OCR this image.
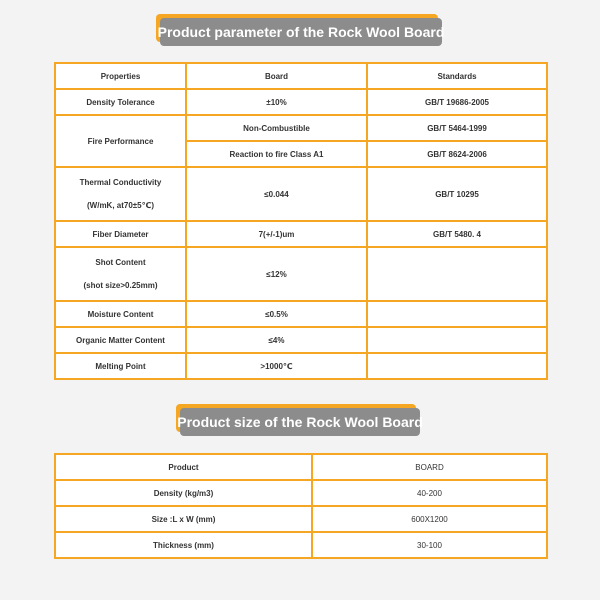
Product parameter of the Rock Wool Board
Properties	Board	Standards
Density Tolerance	±10%	GB/T 19686-2005
Fire Performance	Non-Combustible	GB/T 5464-1999
	Reaction to fire Class A1	GB/T 8624-2006
Thermal Conductivity
(W/mK, at70±5℃)	≤0.044	GB/T 10295
Fiber Diameter	7(+/-1)um	GB/T 5480. 4
Shot Content
(shot size>0.25mm)	≤12%	
Moisture Content	≤0.5%	
Organic Matter Content	≤4%	
Melting Point	>1000℃	
Product size of the Rock Wool Board
Product	BOARD
Density (kg/m3)	40-200
Size :L x W (mm)	600X1200
Thickness (mm)	30-100
